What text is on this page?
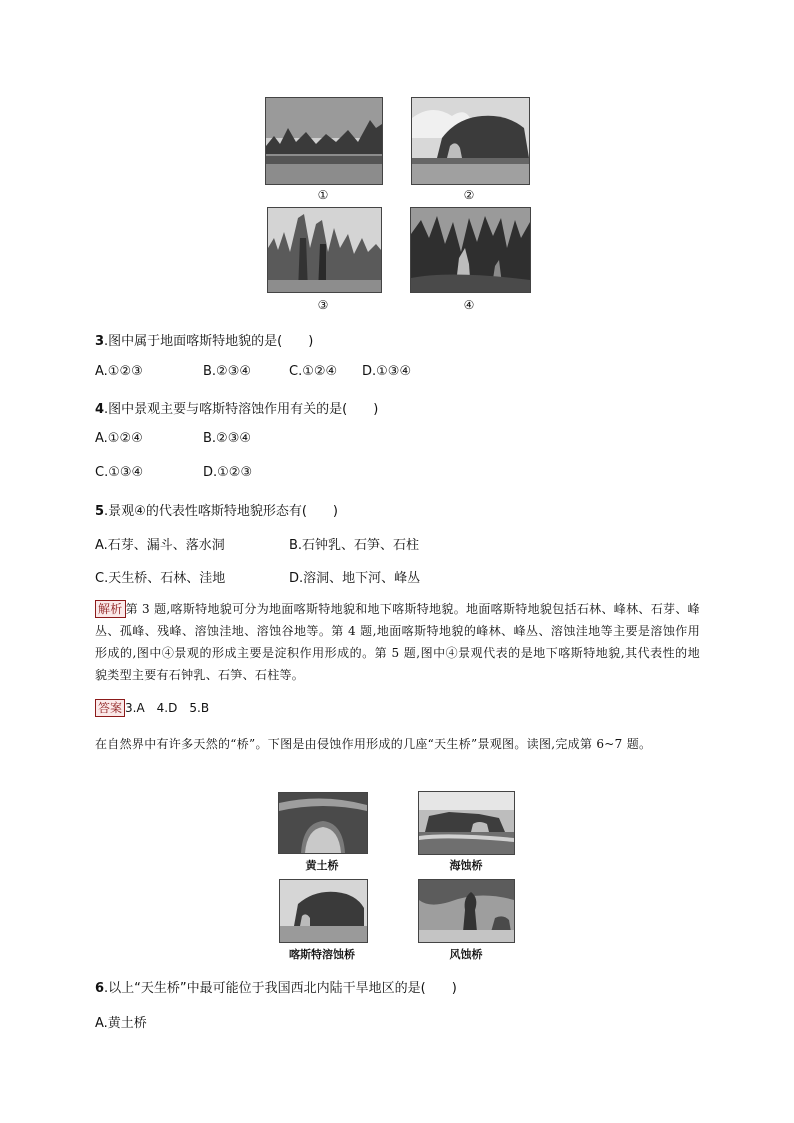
①	②
③	④
3.图中属于地面喀斯特地貌的是(　　)
A.①②③	B.②③④	C.①②④ D.①③④
4.图中景观主要与喀斯特溶蚀作用有关的是(　　)
A.①②④	B.②③④
C.①③④	D.①②③
5.景观④的代表性喀斯特地貌形态有(　　)
A.石芽、漏斗、落水洞	B.石钟乳、石笋、石柱
C.天生桥、石林、洼地	D.溶洞、地下河、峰丛
解析 第 3 题,喀斯特地貌可分为地面喀斯特地貌和地下喀斯特地貌。地面喀斯特地貌包括石林、峰林、石芽、峰丛、孤峰、残峰、溶蚀洼地、溶蚀谷地等。第 4 题,地面喀斯特地貌的峰林、峰丛、溶蚀洼地等主要是溶蚀作用形成的,图中④景观的形成主要是淀积作用形成的。第 5 题,图中④景观代表的是地下喀斯特地貌,其代表性的地貌类型主要有石钟乳、石笋、石柱等。
答案 3.A　4.D　5.B
在自然界中有许多天然的“桥”。下图是由侵蚀作用形成的几座“天生桥”景观图。读图,完成第 6~7 题。
黄土桥	海蚀桥
喀斯特溶蚀桥	风蚀桥
6.以上“天生桥”中最可能位于我国西北内陆干旱地区的是(　　)
A.黄土桥
